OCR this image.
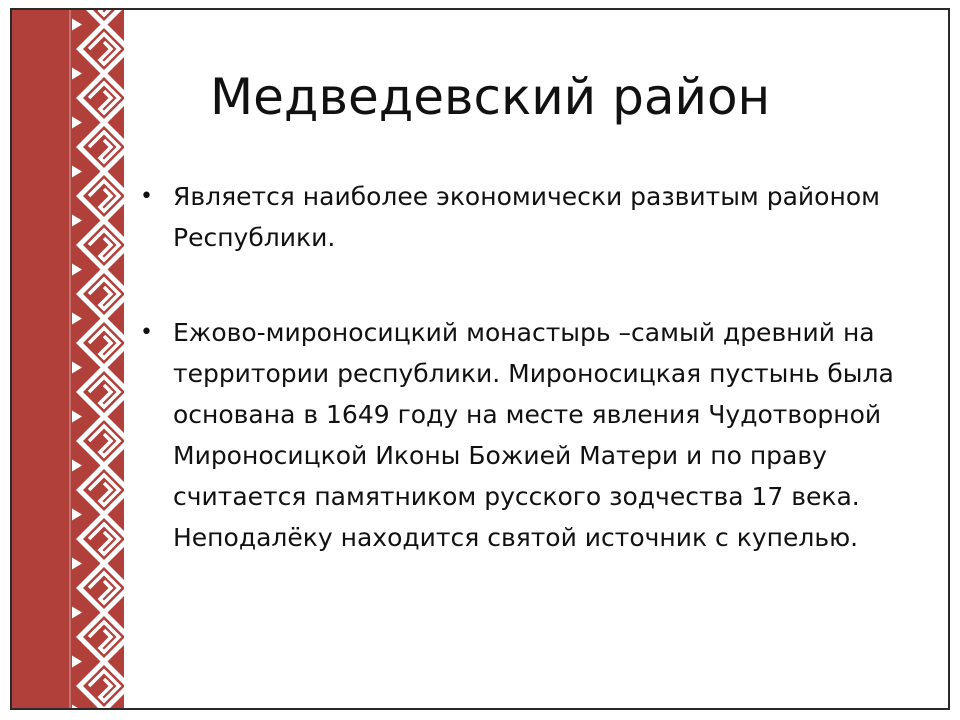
Медведевский район
• Является наиболее экономически развитым районом Республики.
• Ежово-мироносицкий монастырь –самый древний на территории республики. Мироносицкая пустынь была основана в 1649 году на месте явления Чудотворной Мироносицкой Иконы Божией Матери и по праву считается памятником русского зодчества 17 века. Неподалёку находится святой источник с купелью.
